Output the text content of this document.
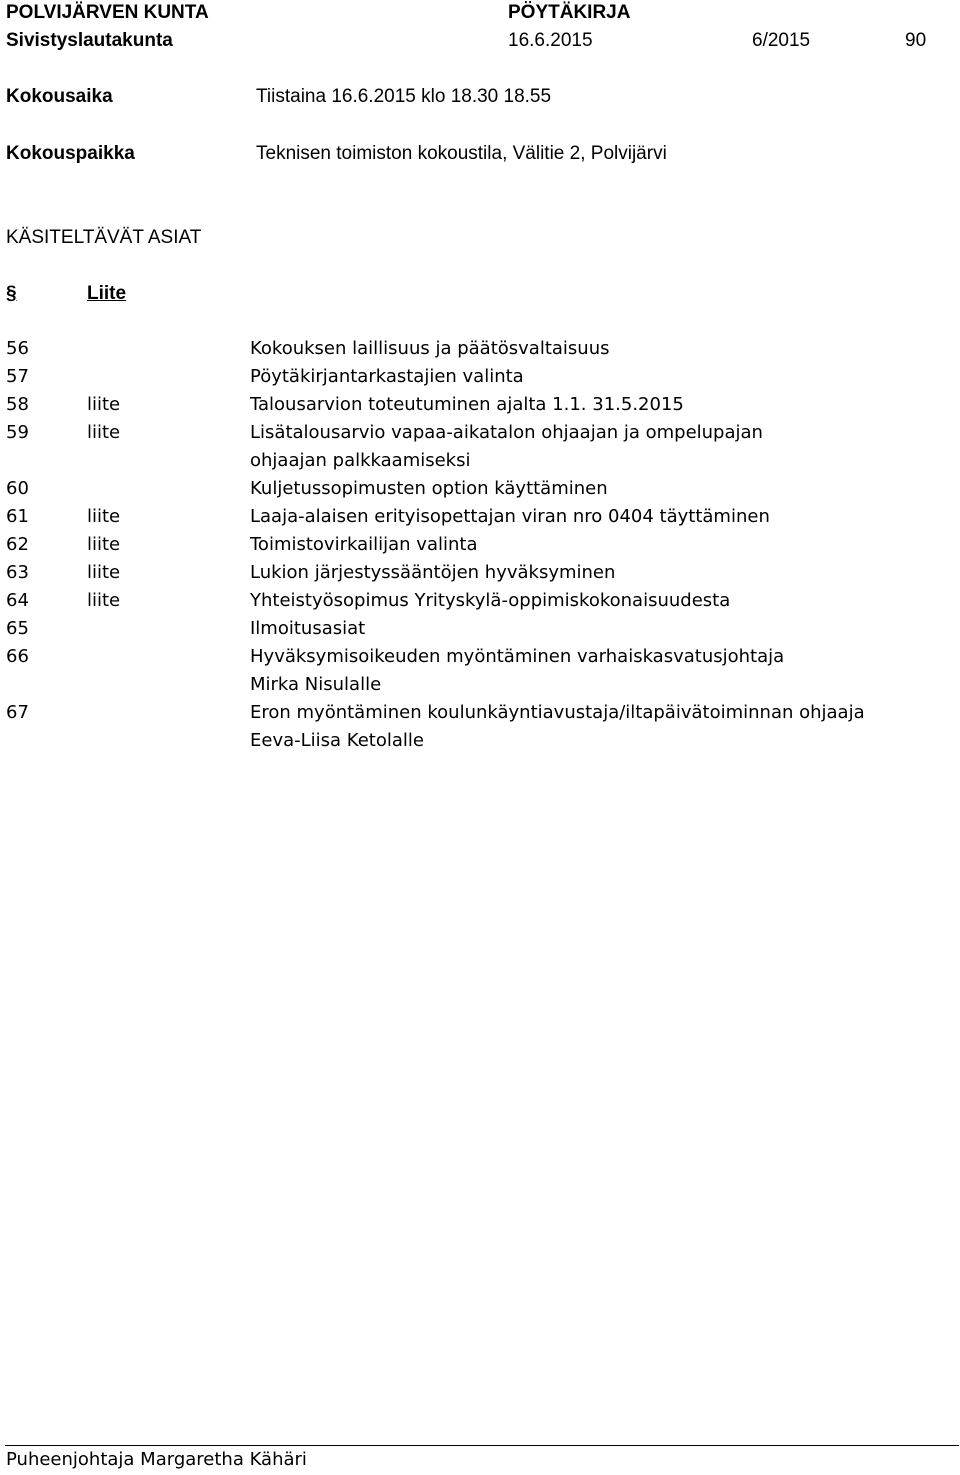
POLVIJÄRVEN KUNTA	PÖYTÄKIRJA
Sivistyslautakunta	16.6.2015	6/2015	90
Kokousaika	Tiistaina 16.6.2015 klo 18.30 18.55
Kokouspaikka	Teknisen toimiston kokoustila, Välitie 2, Polvijärvi
KÄSITELTÄVÄT ASIAT
§	Liite
56	Kokouksen laillisuus ja päätösvaltaisuus
57	Pöytäkirjantarkastajien valinta
58	liite	Talousarvion toteutuminen ajalta 1.1. 31.5.2015
59	liite	Lisätalousarvio vapaa-aikatalon ohjaajan ja ompelupajan
ohjaajan palkkaamiseksi
60	Kuljetussopimusten option käyttäminen
61	liite	Laaja-alaisen erityisopettajan viran nro 0404 täyttäminen
62	liite	Toimistovirkailijan valinta
63	liite	Lukion järjestyssääntöjen hyväksyminen
64	liite	Yhteistyösopimus Yrityskylä-oppimiskokonaisuudesta
65	Ilmoitusasiat
66	Hyväksymisoikeuden myöntäminen varhaiskasvatusjohtaja
Mirka Nisulalle
67	Eron myöntäminen koulunkäyntiavustaja/iltapäivätoiminnan ohjaaja
Eeva-Liisa Ketolalle
Puheenjohtaja Margaretha Kähäri
